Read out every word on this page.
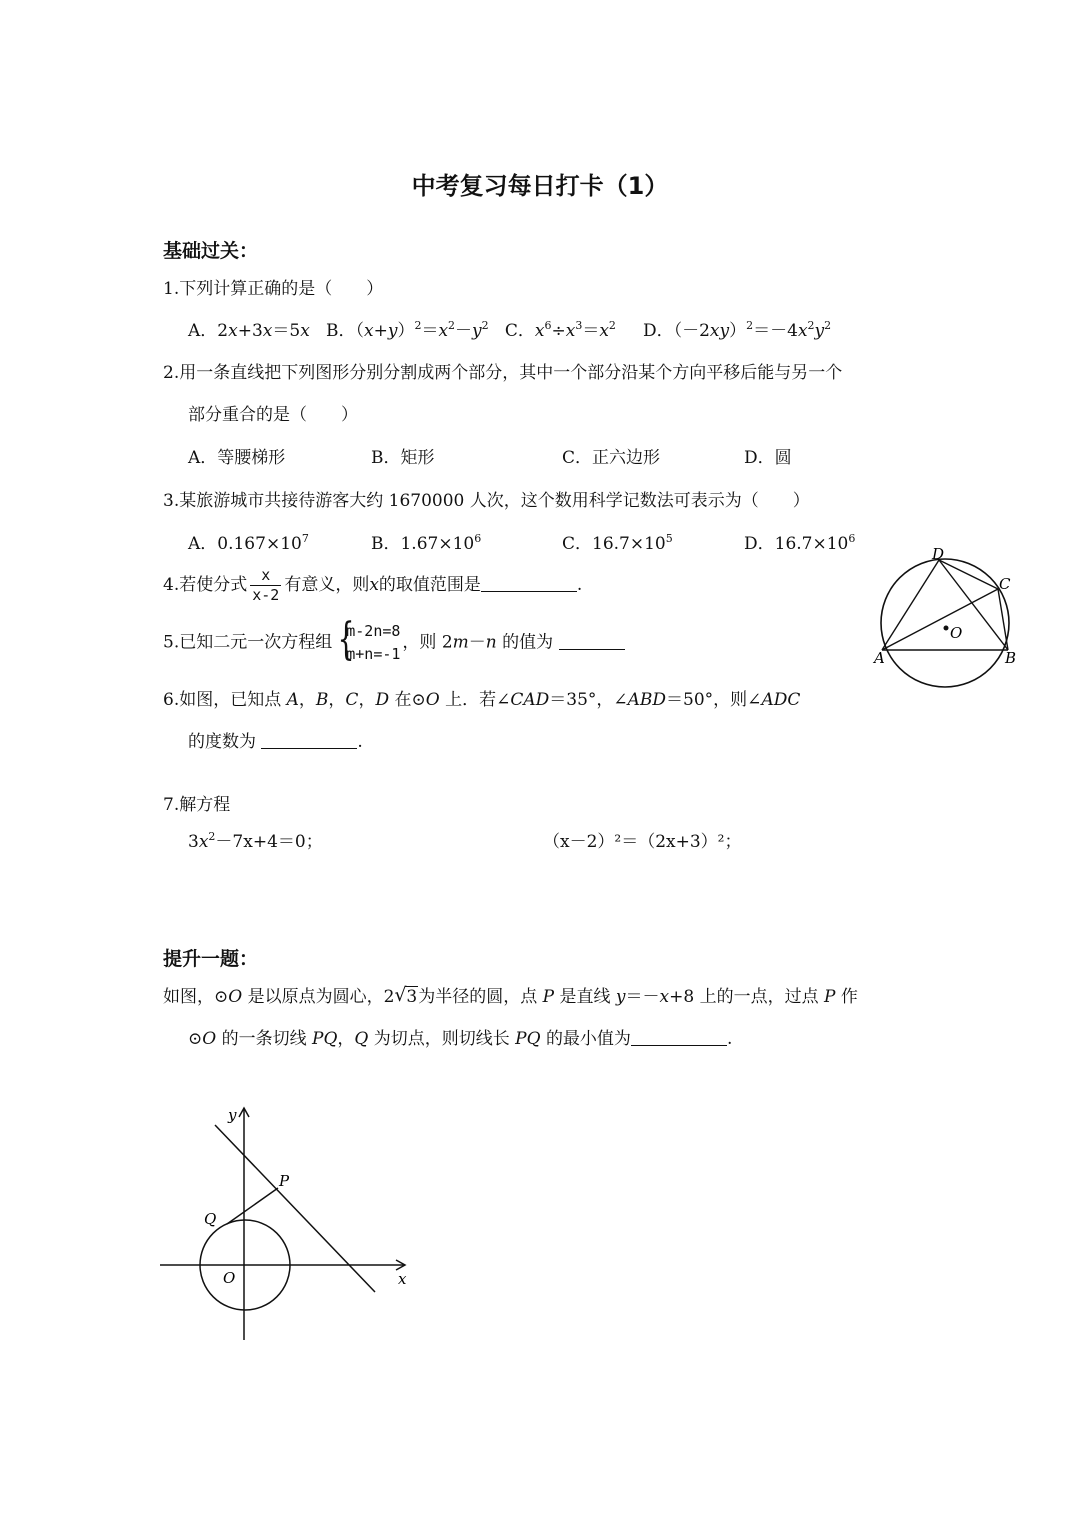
中考复习每日打卡（1）
基础过关：
1.下列计算正确的是（　　）
A．2x+3x＝5x B．$(x+y)^2=x^2-y^2$ C．$x^6\div x^3=x^2$ D．$(-2xy)^2=-4x^2y^2$
2.用一条直线把下列图形分别分割成两个部分，其中一个部分沿某个方向平移后能与另一个
部分重合的是（　　）
A．等腰梯形	B．矩形	C．正六边形	D．圆
3.某旅游城市共接待游客大约 1670000 人次，这个数用科学记数法可表示为（　　）
A．$0.167\times 10^7$	B．$1.67\times 10^6$	C．$16.7\times 10^5$	D．$16.7\times 10^6$
4.若使分式 $\frac{x}{x-2}$ 有意义，则x的取值范围是	.
5.已知二元一次方程组 {
m-2n=8
m+n=-1
，则 2m－n 的值为
6.如图，已知点 A，B，C，D 在⊙O 上．若∠CAD＝35°，∠ABD＝50°，则∠ADC
的度数为	.
D
C
A	B
O
7.解方程
$3x^2-7x+4=0$；	（x－2）²＝（2x+3）²；
提升一题：
如图，⊙O 是以原点为圆心，2 √ 3为半径的圆，点 P 是直线 y＝－x+8 上的一点，过点 P 作
⊙O 的一条切线 PQ，Q 为切点，则切线长 PQ 的最小值为	.
y
x
P
Q
O
